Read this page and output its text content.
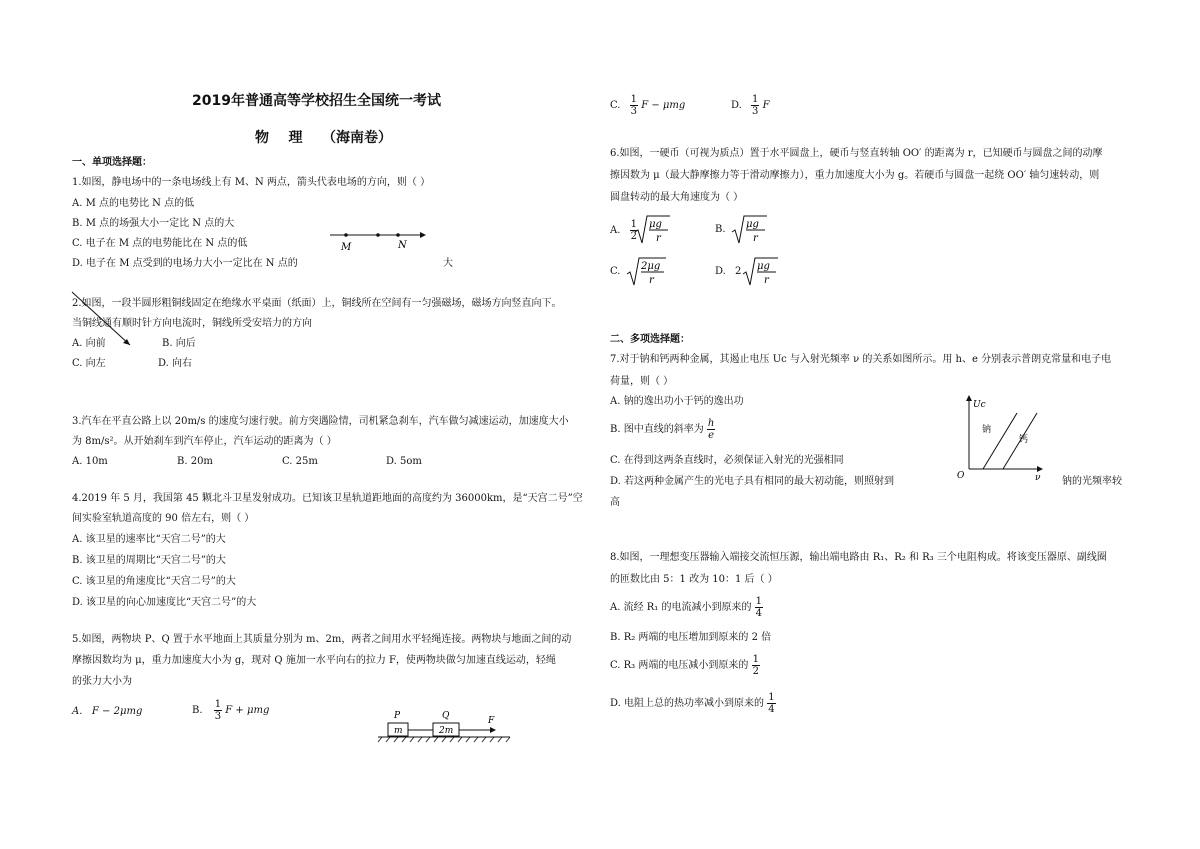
2019年普通高等学校招生全国统一考试
物    理    （海南卷）
一、单项选择题：
1.如图，静电场中的一条电场线上有 M、N 两点，箭头代表电场的方向，则（ ）
A. M 点的电势比 N 点的低
B. M 点的场强大小一定比 N 点的大
C. 电子在 M 点的电势能比在 N 点的低
D. 电子在 M 点受到的电场力大小一定比在 N 点的	大
M	N
2.如图，一段半圆形粗铜线固定在绝缘水平桌面（纸面）上，铜线所在空间有一匀强磁场，磁场方向竖直向下。
当铜线通有顺时针方向电流时，铜线所受安培力的方向
A. 向前	B. 向后
C. 向左	D. 向右
3.汽车在平直公路上以 20m/s 的速度匀速行驶。前方突遇险情，司机紧急刹车，汽车做匀减速运动，加速度大小
为 8m/s²。从开始刹车到汽车停止，汽车运动的距离为（ ）
A. 10m	B. 20m	C. 25m	D. 5om
4.2019 年 5 月，我国第 45 颗北斗卫星发射成功。已知该卫星轨道距地面的高度约为 36000km，是“天宫二号”空
间实验室轨道高度的 90 倍左右，则（ ）
A. 该卫星的速率比“天宫二号”的大
B. 该卫星的周期比“天宫二号”的大
C. 该卫星的角速度比“天宫二号”的大
D. 该卫星的向心加速度比“天宫二号”的大
5.如图，两物块 P、Q 置于水平地面上其质量分别为 m、2m，两者之间用水平轻绳连接。两物块与地面之间的动
摩擦因数均为 μ，重力加速度大小为 g，现对 Q 施加一水平向右的拉力 F，使两物块做匀加速直线运动，轻绳
的张力大小为
A.   F − 2μmg	B. $\frac{1}{3}$ F + μmg	P	Q	F
m	2m
C. $\frac{1}{3}$ F − μmg	D. $\frac{1}{3}$ F
6.如图，一硬币（可视为质点）置于水平圆盘上，硬币与竖直转轴 OO′ 的距离为 r，已知硬币与圆盘之间的动摩
擦因数为 μ（最大静摩擦力等于滑动摩擦力），重力加速度大小为 g。若硬币与圆盘一起绕 OO′ 轴匀速转动，则
圆盘转动的最大角速度为（ ）
A. $\frac{1}{2}$ μg
r
B. μg
r
C. 2μg
r
D. 2 μg
r
二、多项选择题：
7.对于钠和钙两种金属，其遏止电压 Uc 与入射光频率 ν 的关系如图所示。用 h、e 分别表示普朗克常量和电子电
荷量，则（ ）
A. 钠的逸出功小于钙的逸出功
B. 图中直线的斜率为 $\frac{h}{e}$
C. 在得到这两条直线时，必须保证入射光的光强相同
D. 若这两种金属产生的光电子具有相同的最大初动能，则照射到	钠的光频率较
高
Uc
钠
钙
O	ν
8.如图，一理想变压器输入端接交流恒压源，输出端电路由 R₁、R₂ 和 R₃ 三个电阻构成。将该变压器原、副线圈
的匝数比由 5：1 改为 10：1 后（ ）
A. 流经 R₁ 的电流减小到原来的 $\frac{1}{4}$
B. R₂ 两端的电压增加到原来的 2 倍
C. R₃ 两端的电压减小到原来的 $\frac{1}{2}$
D. 电阻上总的热功率减小到原来的 $\frac{1}{4}$
